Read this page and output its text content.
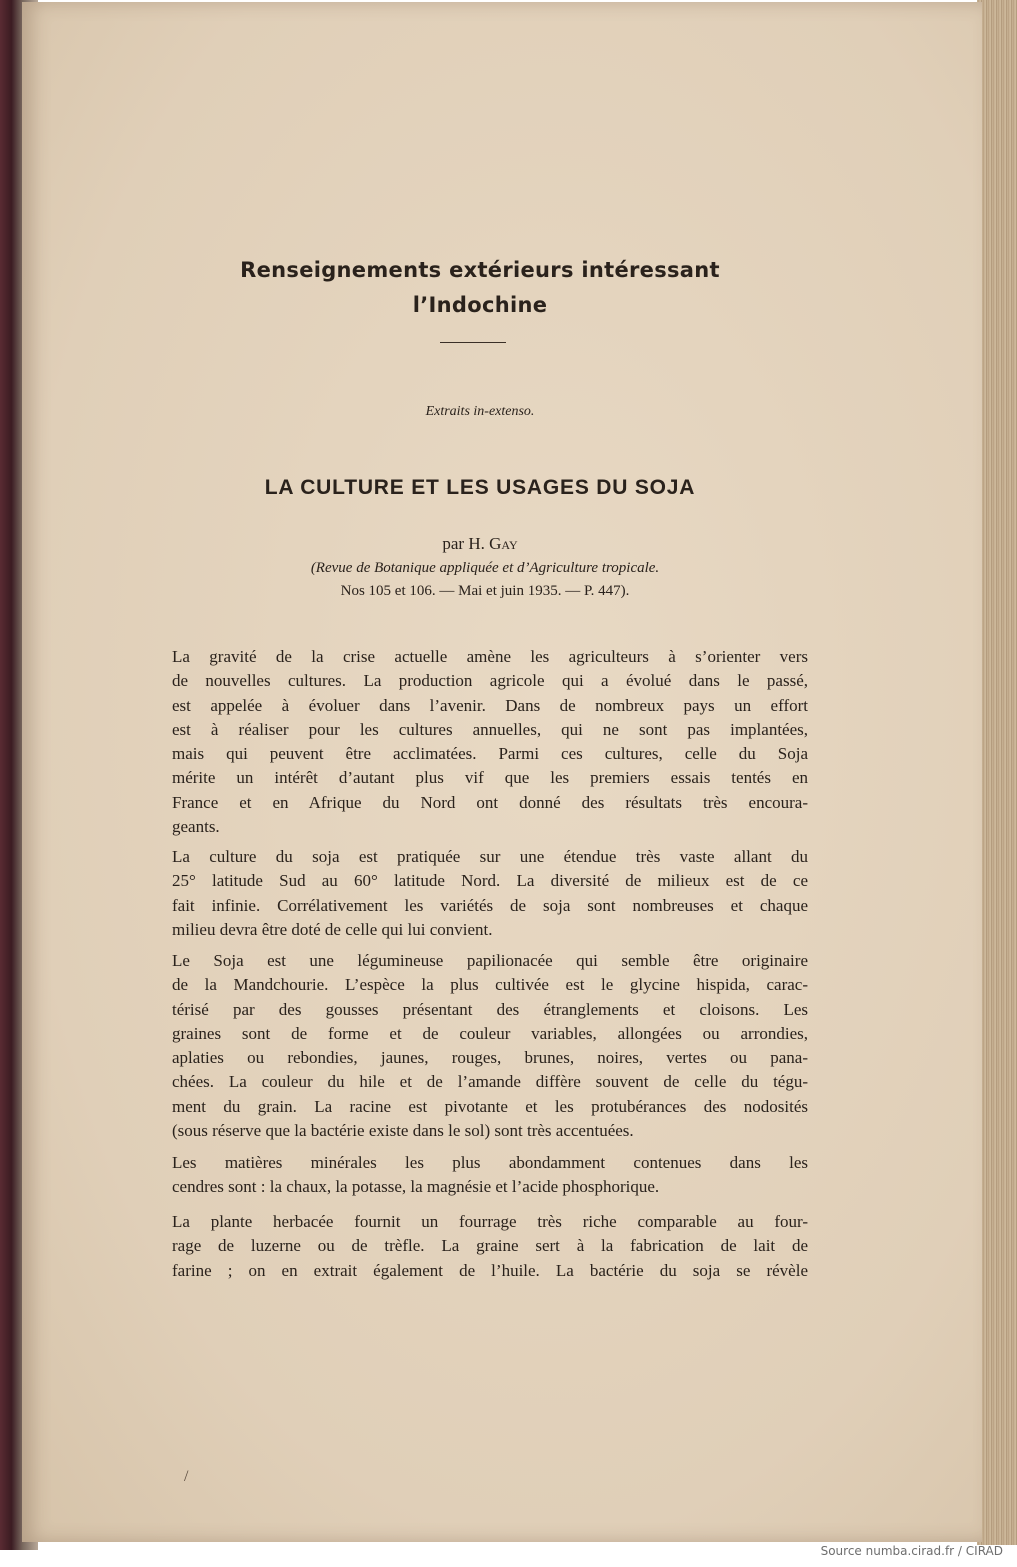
Renseignements extérieurs intéressant
l’Indochine
Extraits in-extenso.
LA CULTURE ET LES USAGES DU SOJA
par H. Gay
(Revue de Botanique appliquée et d’Agriculture tropicale.
Nos 105 et 106. — Mai et juin 1935. — P. 447).
La gravité de la crise actuelle amène les agriculteurs à s’orienter vers
de nouvelles cultures. La production agricole qui a évolué dans le passé,
est appelée à évoluer dans l’avenir. Dans de nombreux pays un effort
est à réaliser pour les cultures annuelles, qui ne sont pas implantées,
mais qui peuvent être acclimatées. Parmi ces cultures, celle du Soja
mérite un intérêt d’autant plus vif que les premiers essais tentés en
France et en Afrique du Nord ont donné des résultats très encoura-
geants.
La culture du soja est pratiquée sur une étendue très vaste allant du
25° latitude Sud au 60° latitude Nord. La diversité de milieux est de ce
fait infinie. Corrélativement les variétés de soja sont nombreuses et chaque
milieu devra être doté de celle qui lui convient.
Le Soja est une légumineuse papilionacée qui semble être originaire
de la Mandchourie. L’espèce la plus cultivée est le glycine hispida, carac-
térisé par des gousses présentant des étranglements et cloisons. Les
graines sont de forme et de couleur variables, allongées ou arrondies,
aplaties ou rebondies, jaunes, rouges, brunes, noires, vertes ou pana-
chées. La couleur du hile et de l’amande diffère souvent de celle du tégu-
ment du grain. La racine est pivotante et les protubérances des nodosités
(sous réserve que la bactérie existe dans le sol) sont très accentuées.
Les matières minérales les plus abondamment contenues dans les
cendres sont : la chaux, la potasse, la magnésie et l’acide phosphorique.
La plante herbacée fournit un fourrage très riche comparable au four-
rage de luzerne ou de trèfle. La graine sert à la fabrication de lait de
farine ; on en extrait également de l’huile. La bactérie du soja se révèle
/
Source numba.cirad.fr / CIRAD
